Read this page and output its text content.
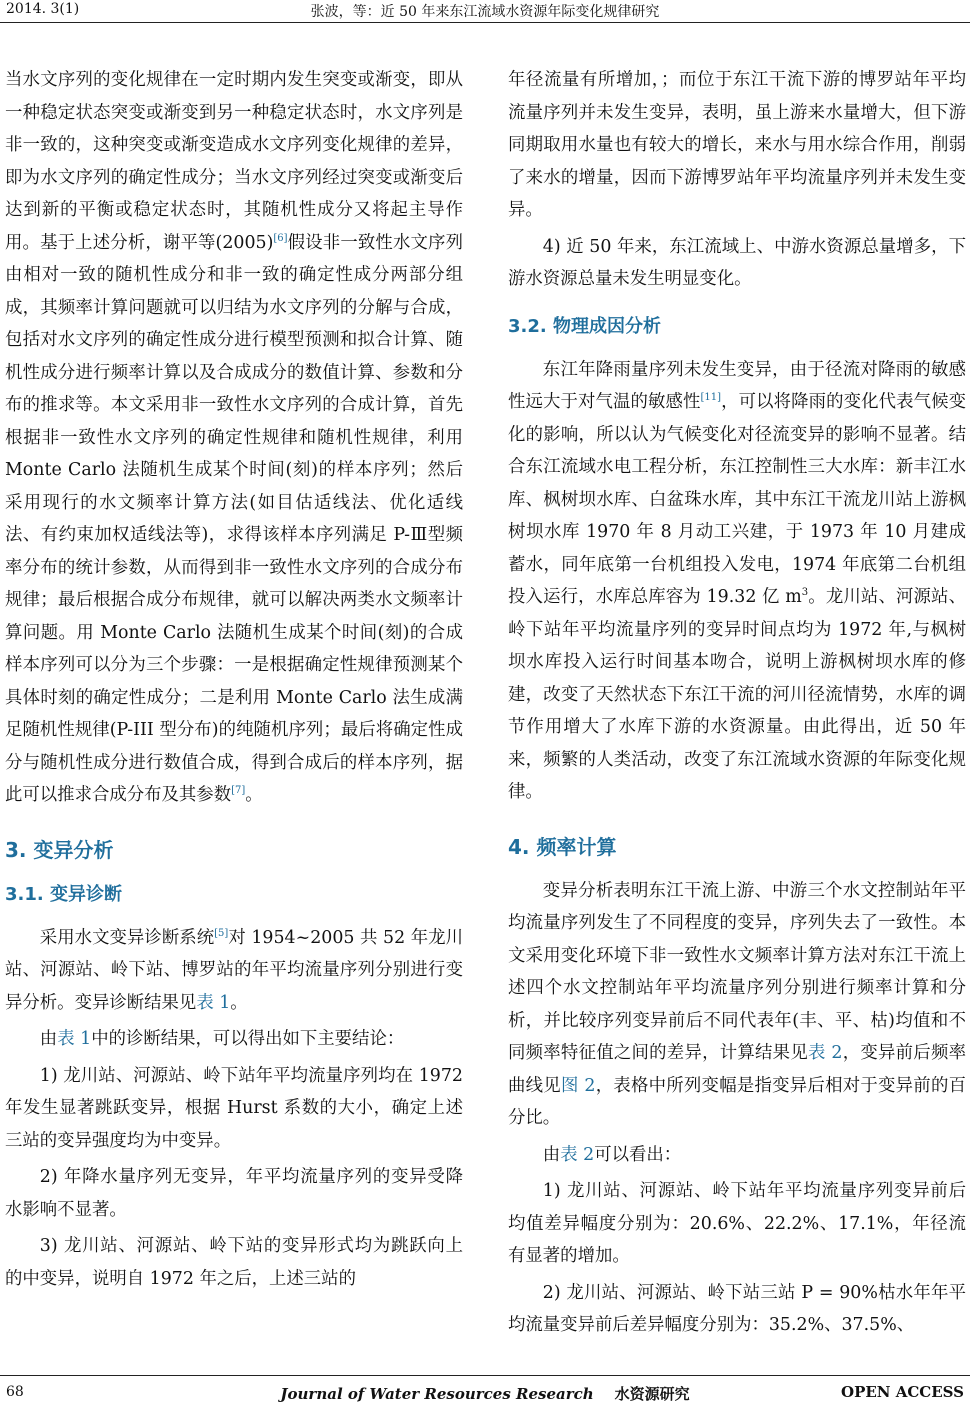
2014. 3(1)	张波，等：近 50 年来东江流域水资源年际变化规律研究

当水文序列的变化规律在一定时期内发生突变或渐变，即从一种稳定状态突变或渐变到另一种稳定状态时，水文序列是非一致的，这种突变或渐变造成水文序列变化规律的差异，即为水文序列的确定性成分；当水文序列经过突变或渐变后达到新的平衡或稳定状态时，其随机性成分又将起主导作用。基于上述分析，谢平等(2005)[6]假设非一致性水文序列由相对一致的随机性成分和非一致的确定性成分两部分组成，其频率计算问题就可以归结为水文序列的分解与合成，包括对水文序列的确定性成分进行模型预测和拟合计算、随机性成分进行频率计算以及合成成分的数值计算、参数和分布的推求等。本文采用非一致性水文序列的合成计算，首先根据非一致性水文序列的确定性规律和随机性规律，利用 Monte Carlo 法随机生成某个时间(刻)的样本序列；然后采用现行的水文频率计算方法(如目估适线法、优化适线法、有约束加权适线法等)，求得该样本序列满足 P-Ⅲ型频率分布的统计参数，从而得到非一致性水文序列的合成分布规律；最后根据合成分布规律，就可以解决两类水文频率计算问题。用 Monte Carlo 法随机生成某个时间(刻)的合成样本序列可以分为三个步骤：一是根据确定性规律预测某个具体时刻的确定性成分；二是利用 Monte Carlo 法生成满足随机性规律(P-III 型分布)的纯随机序列；最后将确定性成分与随机性成分进行数值合成，得到合成后的样本序列，据此可以推求合成分布及其参数[7]。

3. 变异分析
3.1. 变异诊断

采用水文变异诊断系统[5]对 1954~2005 共 52 年龙川站、河源站、岭下站、博罗站的年平均流量序列分别进行变异分析。变异诊断结果见表 1。

由表 1中的诊断结果，可以得出如下主要结论：

1) 龙川站、河源站、岭下站年平均流量序列均在 1972 年发生显著跳跃变异，根据 Hurst 系数的大小，确定上述三站的变异强度均为中变异。

2) 年降水量序列无变异，年平均流量序列的变异受降水影响不显著。

3) 龙川站、河源站、岭下站的变异形式均为跳跃向上的中变异，说明自 1972 年之后，上述三站的

年径流量有所增加，；而位于东江干流下游的博罗站年平均流量序列并未发生变异，表明，虽上游来水量增大，但下游同期取用水量也有较大的增长，来水与用水综合作用，削弱了来水的增量，因而下游博罗站年平均流量序列并未发生变异。

4) 近 50 年来，东江流域上、中游水资源总量增多，下游水资源总量未发生明显变化。

3.2. 物理成因分析

东江年降雨量序列未发生变异，由于径流对降雨的敏感性远大于对气温的敏感性[11]，可以将降雨的变化代表气候变化的影响，所以认为气候变化对径流变异的影响不显著。结合东江流域水电工程分析，东江控制性三大水库：新丰江水库、枫树坝水库、白盆珠水库，其中东江干流龙川站上游枫树坝水库 1970 年 8 月动工兴建，于 1973 年 10 月建成蓄水，同年底第一台机组投入发电，1974 年底第二台机组投入运行，水库总库容为 19.32 亿 $m^3$。龙川站、河源站、岭下站年平均流量序列的变异时间点均为 1972 年,与枫树坝水库投入运行时间基本吻合，说明上游枫树坝水库的修建，改变了天然状态下东江干流的河川径流情势，水库的调节作用增大了水库下游的水资源量。由此得出，近 50 年来，频繁的人类活动，改变了东江流域水资源的年际变化规律。

4. 频率计算

变异分析表明东江干流上游、中游三个水文控制站年平均流量序列发生了不同程度的变异，序列失去了一致性。本文采用变化环境下非一致性水文频率计算方法对东江干流上述四个水文控制站年平均流量序列分别进行频率计算和分析，并比较序列变异前后不同代表年(丰、平、枯)均值和不同频率特征值之间的差异，计算结果见表 2，变异前后频率曲线见图 2，表格中所列变幅是指变异后相对于变异前的百分比。

由表 2可以看出：

1) 龙川站、河源站、岭下站年平均流量序列变异前后均值差异幅度分别为：20.6%、22.2%、17.1%，年径流有显著的增加。

2) 龙川站、河源站、岭下站三站 P = 90%枯水年年平均流量变异前后差异幅度分别为：35.2%、37.5%、

68	Journal of Water Resources Research 水资源研究	OPEN ACCESS
